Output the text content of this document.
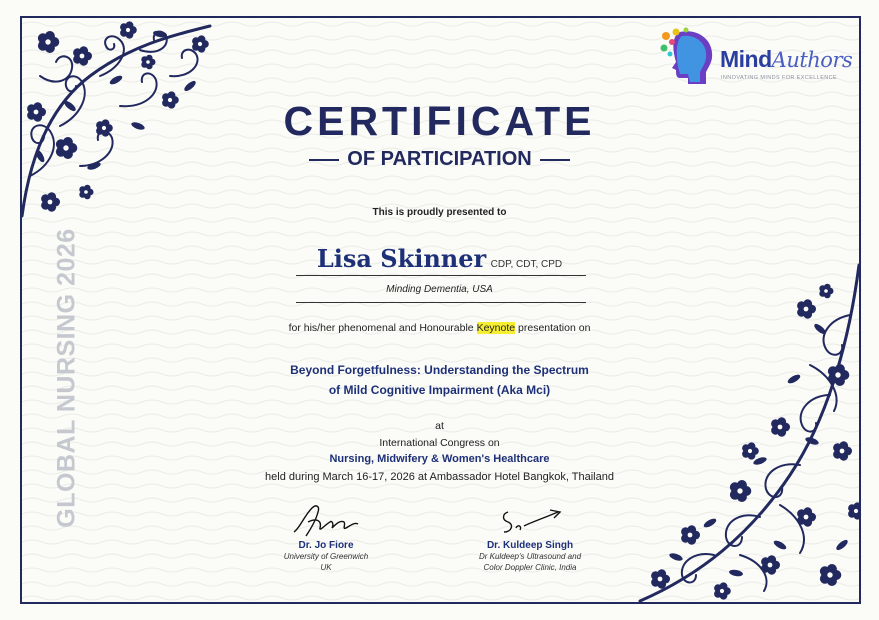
GLOBAL NURSING 2026
MindAuthors
INNOVATING MINDS FOR EXCELLENCE
CERTIFICATE
OF PARTICIPATION
This is proudly presented to
Lisa Skinner CDP, CDT, CPD
Minding Dementia, USA
for his/her phenomenal and Honourable Keynote presentation on
Beyond Forgetfulness: Understanding the Spectrum
of Mild Cognitive Impairment (Aka Mci)
at
International Congress on
Nursing, Midwifery & Women's Healthcare
held during March 16-17, 2026 at Ambassador Hotel Bangkok, Thailand
Dr. Jo Fiore
University of Greenwich
UK
Dr. Kuldeep Singh
Dr Kuldeep's Ultrasound and
Color Doppler Clinic, India
